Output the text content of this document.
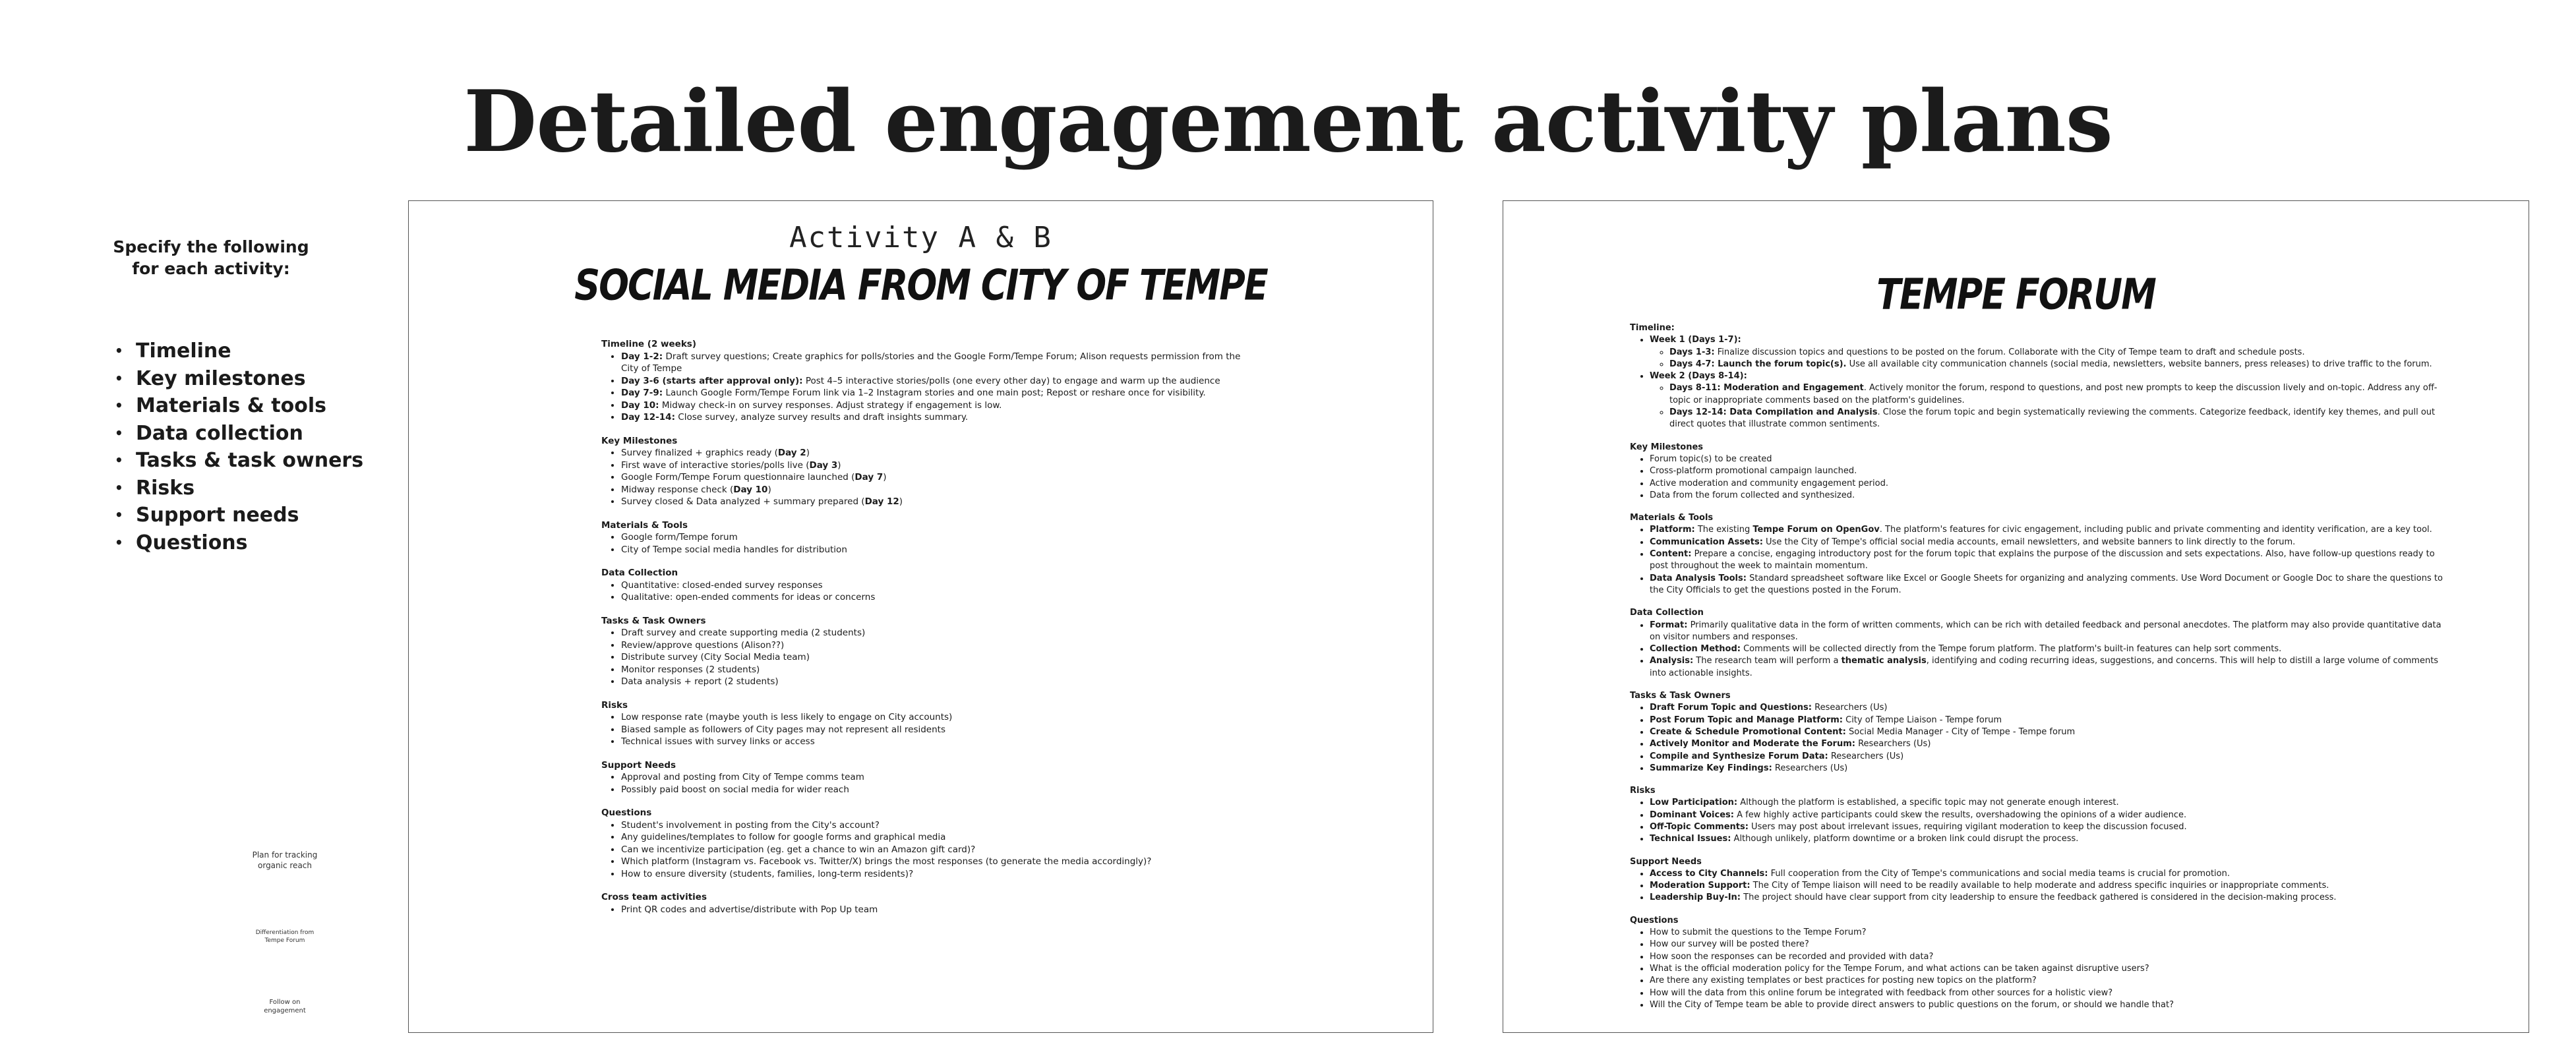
Detailed engagement activity plans
Specify the following for each activity:
• Timeline
• Key milestones
• Materials & tools
• Data collection
• Tasks & task owners
• Risks
• Support needs
• Questions
Plan for tracking organic reach
Differentiation from Tempe Forum
Follow on engagement
Activity A & B
SOCIAL MEDIA FROM CITY OF TEMPE
Timeline (2 weeks)
• Day 1-2: Draft survey questions; Create graphics for polls/stories and the Google Form/Tempe Forum; Alison requests permission from the City of Tempe
• Day 3-6 (starts after approval only): Post 4–5 interactive stories/polls (one every other day) to engage and warm up the audience
• Day 7-9: Launch Google Form/Tempe Forum link via 1–2 Instagram stories and one main post; Repost or reshare once for visibility.
• Day 10: Midway check-in on survey responses. Adjust strategy if engagement is low.
• Day 12-14: Close survey, analyze survey results and draft insights summary.
Key Milestones
• Survey finalized + graphics ready (Day 2)
• First wave of interactive stories/polls live (Day 3)
• Google Form/Tempe Forum questionnaire launched (Day 7)
• Midway response check (Day 10)
• Survey closed & Data analyzed + summary prepared (Day 12)
Materials & Tools
• Google form/Tempe forum
• City of Tempe social media handles for distribution
Data Collection
• Quantitative: closed-ended survey responses
• Qualitative: open-ended comments for ideas or concerns
Tasks & Task Owners
• Draft survey and create supporting media (2 students)
• Review/approve questions (Alison??)
• Distribute survey (City Social Media team)
• Monitor responses (2 students)
• Data analysis + report (2 students)
Risks
• Low response rate (maybe youth is less likely to engage on City accounts)
• Biased sample as followers of City pages may not represent all residents
• Technical issues with survey links or access
Support Needs
• Approval and posting from City of Tempe comms team
• Possibly paid boost on social media for wider reach
Questions
• Student's involvement in posting from the City's account?
• Any guidelines/templates to follow for google forms and graphical media
• Can we incentivize participation (eg. get a chance to win an Amazon gift card)?
• Which platform (Instagram vs. Facebook vs. Twitter/X) brings the most responses (to generate the media accordingly)?
• How to ensure diversity (students, families, long-term residents)?
Cross team activities
• Print QR codes and advertise/distribute with Pop Up team
TEMPE FORUM
Timeline:
• Week 1 (Days 1-7):
◦ Days 1-3: Finalize discussion topics and questions to be posted on the forum. Collaborate with the City of Tempe team to draft and schedule posts.
◦ Days 4-7: Launch the forum topic(s). Use all available city communication channels (social media, newsletters, website banners, press releases) to drive traffic to the forum.
• Week 2 (Days 8-14):
◦ Days 8-11: Moderation and Engagement. Actively monitor the forum, respond to questions, and post new prompts to keep the discussion lively and on-topic. Address any off-topic or inappropriate comments based on the platform's guidelines.
◦ Days 12-14: Data Compilation and Analysis. Close the forum topic and begin systematically reviewing the comments. Categorize feedback, identify key themes, and pull out direct quotes that illustrate common sentiments.
Key Milestones
• Forum topic(s) to be created
• Cross-platform promotional campaign launched.
• Active moderation and community engagement period.
• Data from the forum collected and synthesized.
Materials & Tools
• Platform: The existing Tempe Forum on OpenGov. The platform's features for civic engagement, including public and private commenting and identity verification, are a key tool.
• Communication Assets: Use the City of Tempe's official social media accounts, email newsletters, and website banners to link directly to the forum.
• Content: Prepare a concise, engaging introductory post for the forum topic that explains the purpose of the discussion and sets expectations. Also, have follow-up questions ready to post throughout the week to maintain momentum.
• Data Analysis Tools: Standard spreadsheet software like Excel or Google Sheets for organizing and analyzing comments. Use Word Document or Google Doc to share the questions to the City Officials to get the questions posted in the Forum.
Data Collection
• Format: Primarily qualitative data in the form of written comments, which can be rich with detailed feedback and personal anecdotes. The platform may also provide quantitative data on visitor numbers and responses.
• Collection Method: Comments will be collected directly from the Tempe forum platform. The platform's built-in features can help sort comments.
• Analysis: The research team will perform a thematic analysis, identifying and coding recurring ideas, suggestions, and concerns. This will help to distill a large volume of comments into actionable insights.
Tasks & Task Owners
• Draft Forum Topic and Questions: Researchers (Us)
• Post Forum Topic and Manage Platform: City of Tempe Liaison - Tempe forum
• Create & Schedule Promotional Content: Social Media Manager - City of Tempe - Tempe forum
• Actively Monitor and Moderate the Forum: Researchers (Us)
• Compile and Synthesize Forum Data: Researchers (Us)
• Summarize Key Findings: Researchers (Us)
Risks
• Low Participation: Although the platform is established, a specific topic may not generate enough interest.
• Dominant Voices: A few highly active participants could skew the results, overshadowing the opinions of a wider audience.
• Off-Topic Comments: Users may post about irrelevant issues, requiring vigilant moderation to keep the discussion focused.
• Technical Issues: Although unlikely, platform downtime or a broken link could disrupt the process.
Support Needs
• Access to City Channels: Full cooperation from the City of Tempe's communications and social media teams is crucial for promotion.
• Moderation Support: The City of Tempe liaison will need to be readily available to help moderate and address specific inquiries or inappropriate comments.
• Leadership Buy-In: The project should have clear support from city leadership to ensure the feedback gathered is considered in the decision-making process.
Questions
• How to submit the questions to the Tempe Forum?
• How our survey will be posted there?
• How soon the responses can be recorded and provided with data?
• What is the official moderation policy for the Tempe Forum, and what actions can be taken against disruptive users?
• Are there any existing templates or best practices for posting new topics on the platform?
• How will the data from this online forum be integrated with feedback from other sources for a holistic view?
• Will the City of Tempe team be able to provide direct answers to public questions on the forum, or should we handle that?
